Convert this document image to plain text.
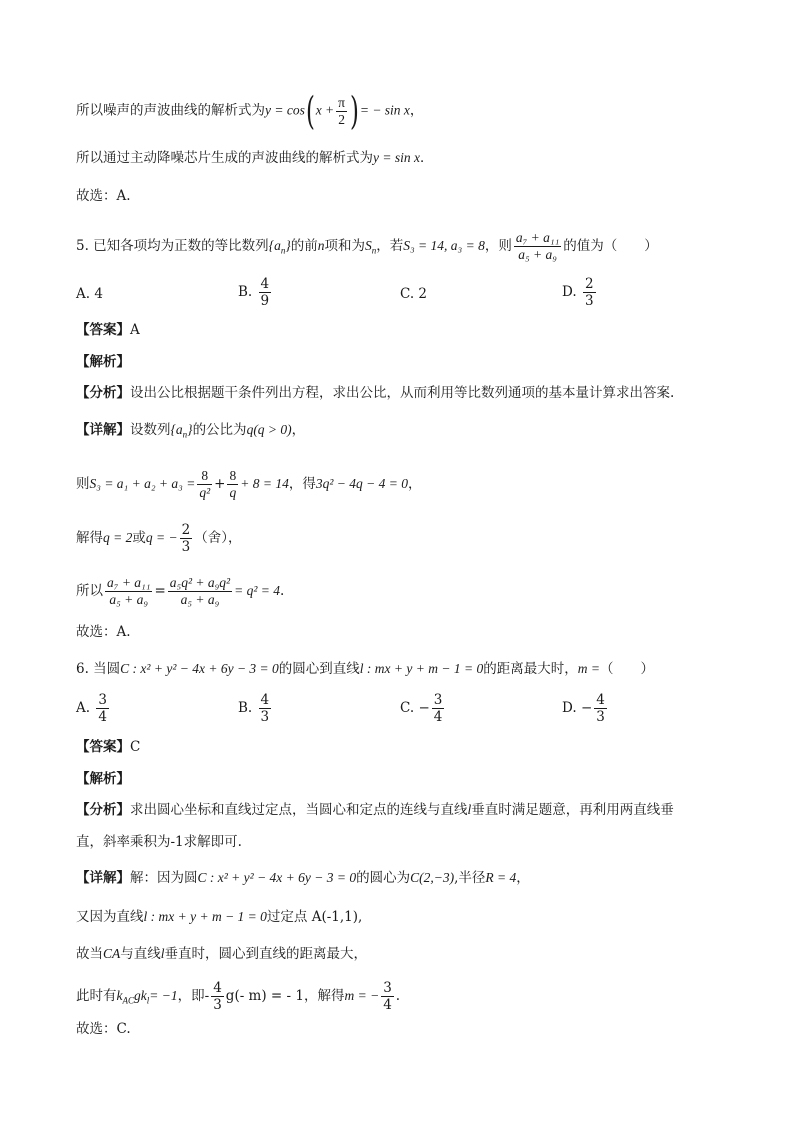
所以噪声的声波曲线的解析式为$y = \cos(x + \frac{\pi}{2}$ )= − sin x，
所以通过主动降噪芯片生成的声波曲线的解析式为y = sin x．
故选：A.
5. 已知各项均为正数的等比数列$\{a_n\}$的前n项和为$S_n$，若S₃ = 14, a₃ = 8，则 $\frac{\text{a₇ + a₁₁}}{\text{a₅ + a₉}}$ 的值为（　　）
A. 4	B. $\frac{4}{9}$	C. 2	D. $\frac{2}{3}$
【答案】A
【解析】
【分析】设出公比根据题干条件列出方程，求出公比，从而利用等比数列通项的基本量计算求出答案.
【详解】设数列$\{a_n\}$的公比为q(q > 0)，
则$S_3 = a_1 + a_2 + a_3 = \frac{8}{\text{q²}} + \frac{8}{q} + 8 = 14$，得3q² − 4q − 4 = 0，
解得q = 2或q = − $\frac{2}{3}$ （舍），
所以 $\frac{\text{a₇ + a₁₁}}{\text{a₅ + a₉}} = \frac{\text{a₅q² + a₉q²}}{\text{a₅ + a₉}} = q^2 = 4$.
故选：A.
6. 当圆C : x² + y² − 4x + 6y − 3 = 0的圆心到直线l : mx + y + m − 1 = 0的距离最大时，m =（　　）
A. $\frac{3}{4}$	B. $\frac{4}{3}$	C. − $\frac{3}{4}$	D. − $\frac{4}{3}$
【答案】C
【解析】
【分析】求出圆心坐标和直线过定点，当圆心和定点的连线与直线l垂直时满足题意，再利用两直线垂
直，斜率乘积为-1求解即可.
【详解】解：因为圆C : x² + y² − 4x + 6y − 3 = 0的圆心为C(2,−3),半径R = 4，
又因为直线l : mx + y + m − 1 = 0过定点 A(-1,1),
故当CA与直线l垂直时，圆心到直线的距离最大，
此时有$k_{AC}gk_l= -1$，即- $\frac{4}{3} g(-$ m) = - 1，解得m = − $\frac{3}{4}$ .
故选：C.
